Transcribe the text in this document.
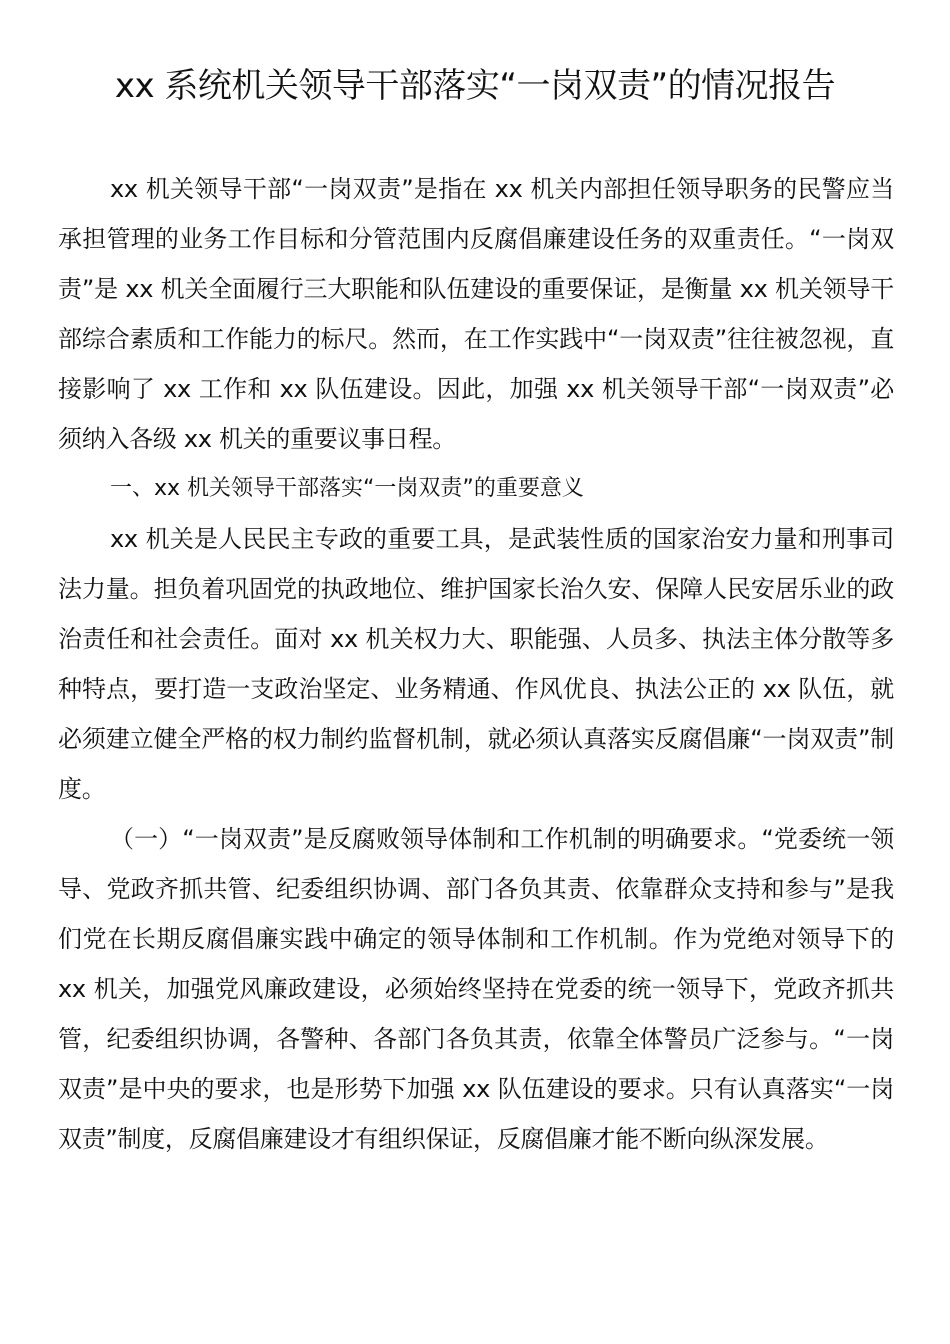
xx 系统机关领导干部落实“一岗双责”的情况报告

xx 机关领导干部“一岗双责”是指在 xx 机关内部担任领导职务的民警应当承担管理的业务工作目标和分管范围内反腐倡廉建设任务的双重责任。“一岗双责”是 xx 机关全面履行三大职能和队伍建设的重要保证，是衡量 xx 机关领导干部综合素质和工作能力的标尺。然而，在工作实践中“一岗双责”往往被忽视，直接影响了 xx 工作和 xx 队伍建设。因此，加强 xx 机关领导干部“一岗双责”必须纳入各级 xx 机关的重要议事日程。

一、xx 机关领导干部落实“一岗双责”的重要意义

xx 机关是人民民主专政的重要工具，是武装性质的国家治安力量和刑事司法力量。担负着巩固党的执政地位、维护国家长治久安、保障人民安居乐业的政治责任和社会责任。面对 xx 机关权力大、职能强、人员多、执法主体分散等多种特点，要打造一支政治坚定、业务精通、作风优良、执法公正的 xx 队伍，就必须建立健全严格的权力制约监督机制，就必须认真落实反腐倡廉“一岗双责”制度。

（一）“一岗双责”是反腐败领导体制和工作机制的明确要求。“党委统一领导、党政齐抓共管、纪委组织协调、部门各负其责、依靠群众支持和参与”是我们党在长期反腐倡廉实践中确定的领导体制和工作机制。作为党绝对领导下的 xx 机关，加强党风廉政建设，必须始终坚持在党委的统一领导下，党政齐抓共管，纪委组织协调，各警种、各部门各负其责，依靠全体警员广泛参与。“一岗双责”是中央的要求，也是形势下加强 xx 队伍建设的要求。只有认真落实“一岗双责”制度，反腐倡廉建设才有组织保证，反腐倡廉才能不断向纵深发展。
